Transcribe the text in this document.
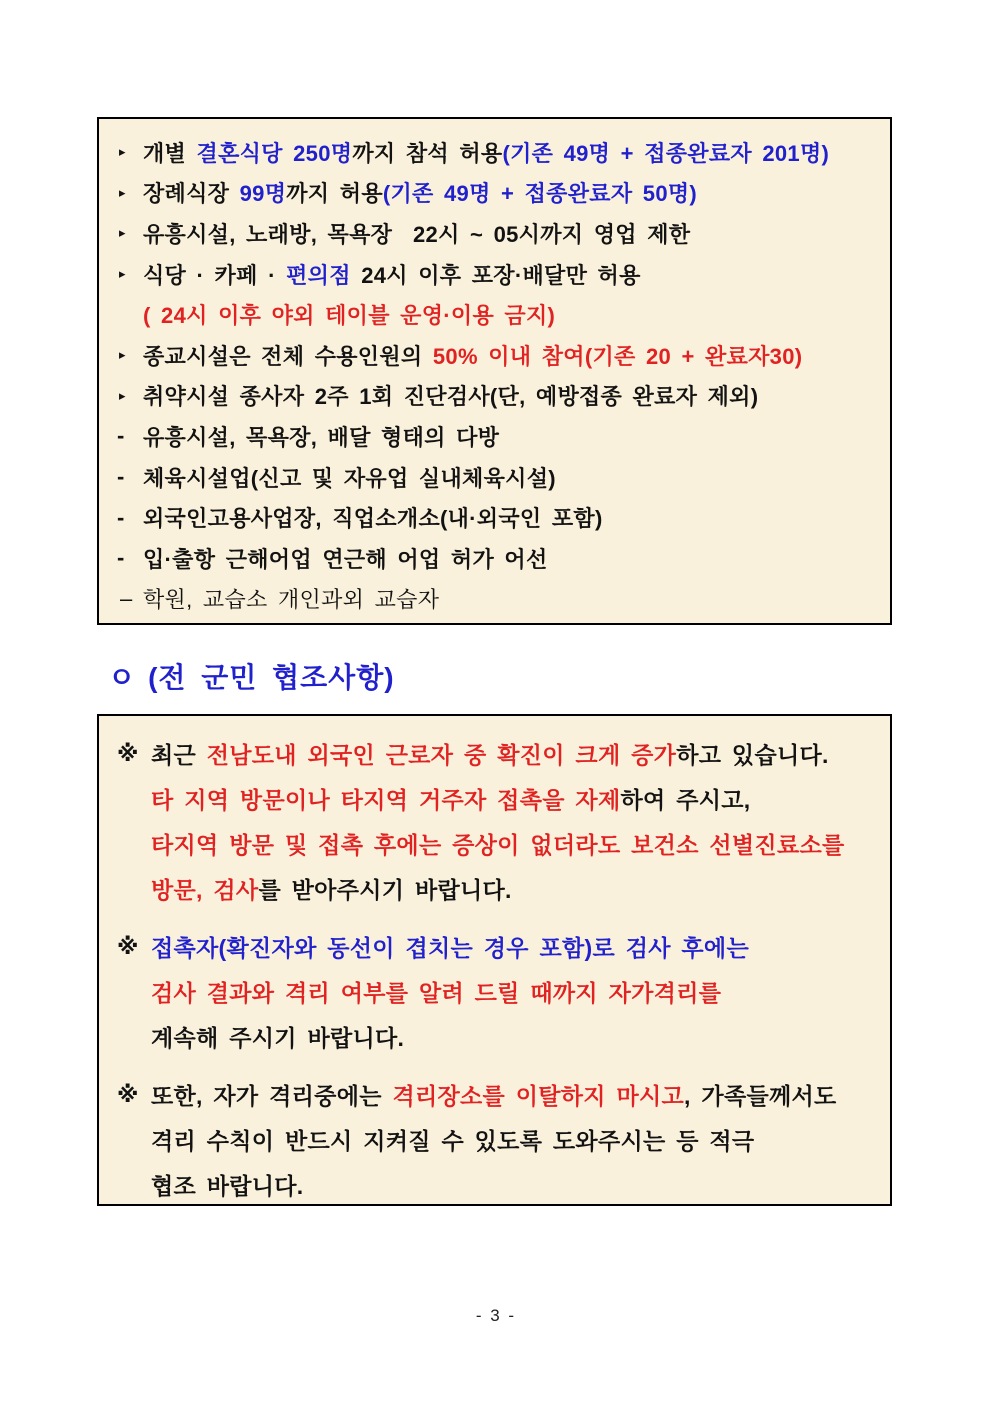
▸ 개별 결혼식당 250명 까지 참석 허용 (기존 49명 + 접종완료자 201명)
▸ 장례식장 99명 까지 허용 (기존 49명 + 접종완료자 50명)
▸ 유흥시설, 노래방, 목욕장  22시 ~ 05시까지 영업 제한
▸ 식당 · 카페 · 편의점 24시 이후 포장·배달만 허용
( 24시 이후 야외 테이블 운영·이용 금지)
▸ 종교시설은 전체 수용인원의 50% 이내 참여(기존 20 + 완료자30)
▸ 취약시설 종사자 2주 1회 진단검사(단, 예방접종 완료자 제외)
- 유흥시설, 목욕장, 배달 형태의 다방
- 체육시설업(신고 및 자유업 실내체육시설)
- 외국인고용사업장, 직업소개소(내·외국인 포함)
- 입·출항 근해어업 연근해 어업 허가 어선
– 학원, 교습소 개인과외 교습자
ㅇ (전 군민 협조사항)
※ 최근 전남도내 외국인 근로자 중 확진이 크게 증가 하고 있습니다.
타 지역 방문이나 타지역 거주자 접촉을 자제 하여 주시고,
타지역 방문 및 접촉 후에는 증상이 없더라도 보건소 선별진료소를
방문, 검사 를 받아주시기 바랍니다.
※ 접촉자(확진자와 동선이 겹치는 경우 포함)로 검사 후에는
검사 결과와 격리 여부를 알려 드릴 때까지 자가격리를
계속해 주시기 바랍니다.
※ 또한, 자가 격리중에는 격리장소를 이탈하지 마시고 , 가족들께서도
격리 수칙이 반드시 지켜질 수 있도록 도와주시는 등 적극
협조 바랍니다.
- 3 -
